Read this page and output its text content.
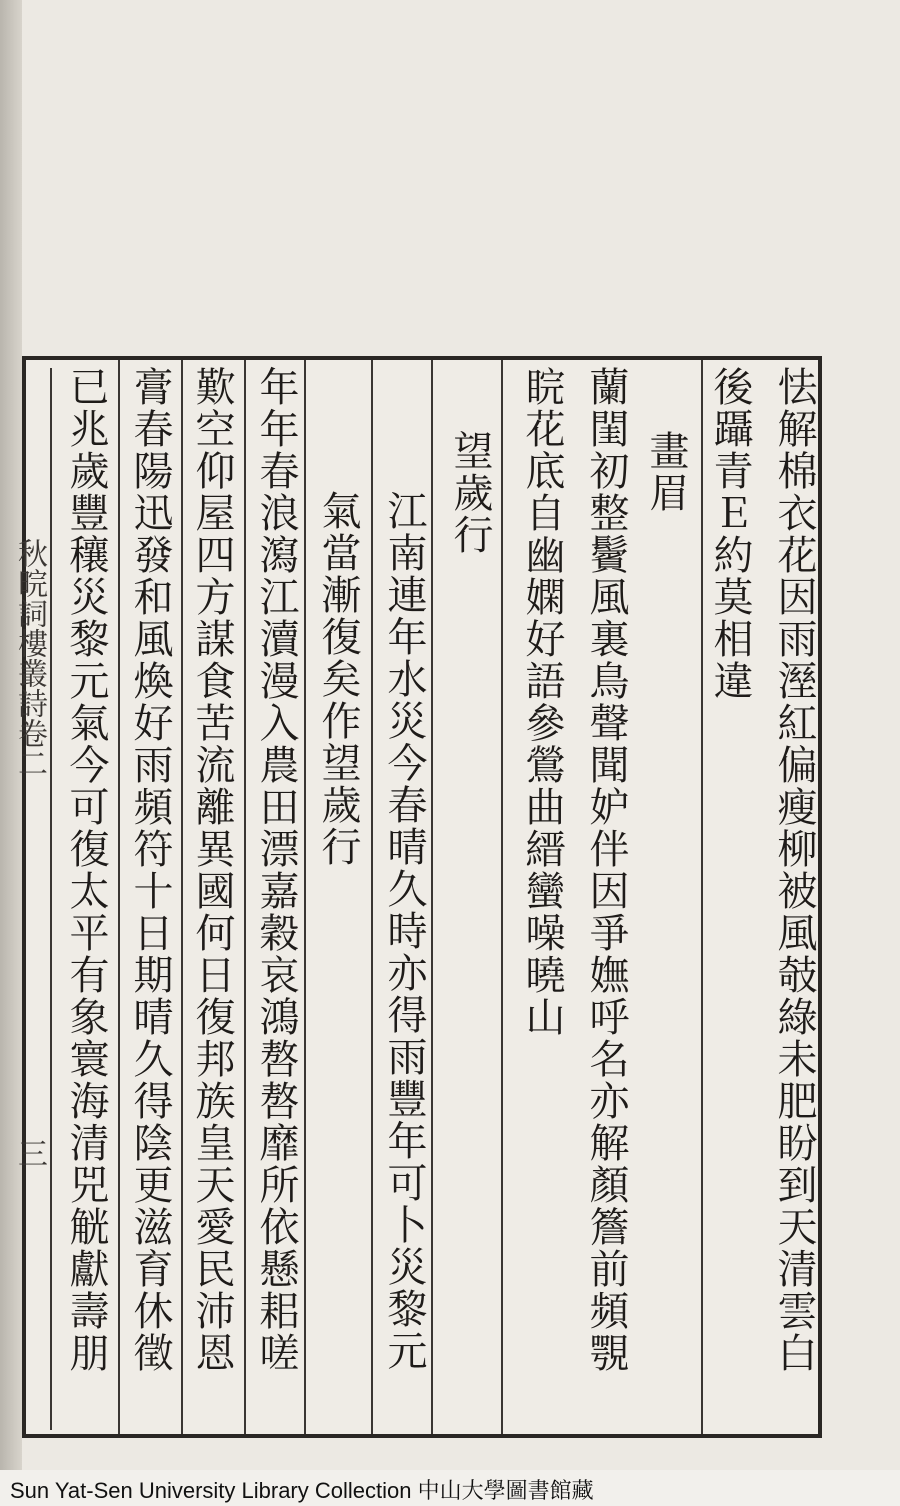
怯解棉衣花因雨溼紅偏瘦柳被風攲綠未肥盼到天清雲白
後躡青Ｅ約莫相違
畫眉
蘭閨初整鬢風裏鳥聲聞妒伴因爭嫵呼名亦解顏簷前頻覨
睆花底自幽嫻好語參鶯曲縉蠻噪曉山
望歲行
江南連年水災今春晴久時亦得雨豐年可卜災黎元
氣當漸復矣作望歲行
年年春浪瀉江瀆漫入農田漂嘉穀哀鴻嗸嗸靡所依懸耜嗟
歎空仰屋四方謀食苦流離異國何日復邦族皇天愛民沛恩
膏春陽迅發和風煥好雨頻符十日期晴久得陰更滋育休徵
已兆歲豐穰災黎元氣今可復太平有象寰海清兕觥獻壽朋
秋晥詞樓叢詩卷二
三
Sun Yat-Sen University Library Collection 中山大學圖書館藏
